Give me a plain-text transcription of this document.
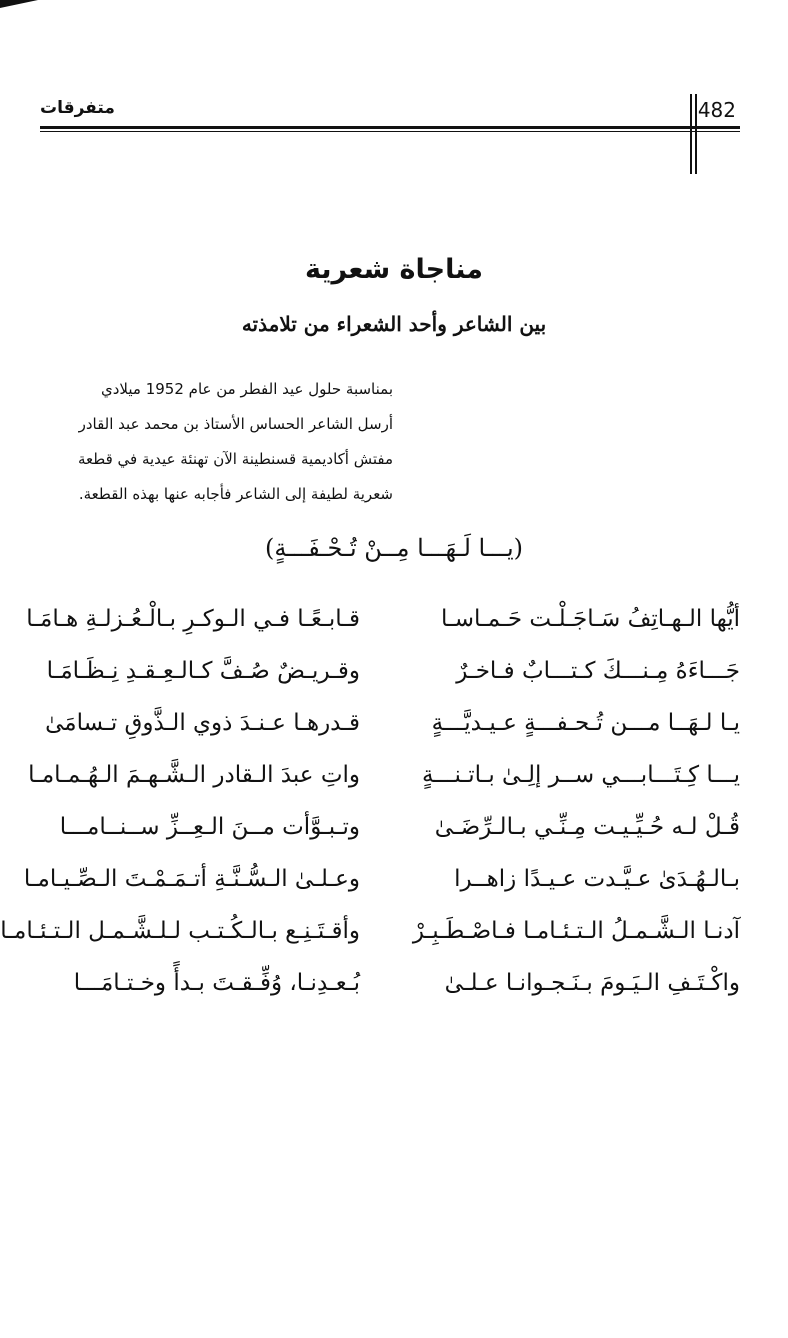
متفرقات	482
مناجاة شعرية
بين الشاعر وأحد الشعراء من تلامذته
بمناسبة حلول عيد الفطر من عام 1952 ميلادي
أرسل الشاعر الحساس الأستاذ بن محمد عبد القادر
مفتش أكاديمية قسنطينة الآن تهنئة عيدية في قطعة
شعرية لطيفة إلى الشاعر فأجابه عنها بهذه القطعة.
(يـــا لَـهَـــا مِــنْ تُـحْـفَـــةٍ)
أيُّها الـهـاتِفُ سَـاجَـلْـت حَـمـاسـا
قـابـعًـا فـي الـوكـرِ بـالْـعُـزلـةِ هـامَـا
جَـــاءَهُ مِـنـــكَ كـتـــابٌ فـاخـرٌ
وقـريـضٌ صُـفَّ كـالـعِـقـدِ نِـظَـامَـا
يـا لـهَــا مـــن تُـحـفـــةٍ عـيـديَّـــةٍ
قـدرهـا عـنـدَ ذوي الـذَّوقِ تـسامَىٰ
يـــا كِـتَـــابـــي ســر إلِـىٰ بـاتـنـــةٍ
واتِ عبدَ الـقادر الـشَّـهـمَ الـهُـمـامـا
قُـلْ لـه حُـيِّـيـت مِـنِّـي بـالـرِّضَـىٰ
وتـبـوَّأت مــنَ الـعِــزِّ ســنــامـــا
بـالـهُـدَىٰ عـيَّـدت عـيـدًا زاهــرا
وعـلـىٰ الـسُّـنَّـةِ أتـمَـمْـتَ الـصِّـيـامـا
آدنـا الـشَّـمـلُ الـتـئـامـا فـاصْـطَـبِـرْ
وأقـتَـنِـع بـالـكُـتـب لـلـشَّـمـل الـتـئـامـا
واكْـتَـفِ الـيَـومَ بـنَـجـوانـا عـلـىٰ
بُـعـدِنـا، وُفِّـقـتَ بـدأً وخـتـامَـــا
